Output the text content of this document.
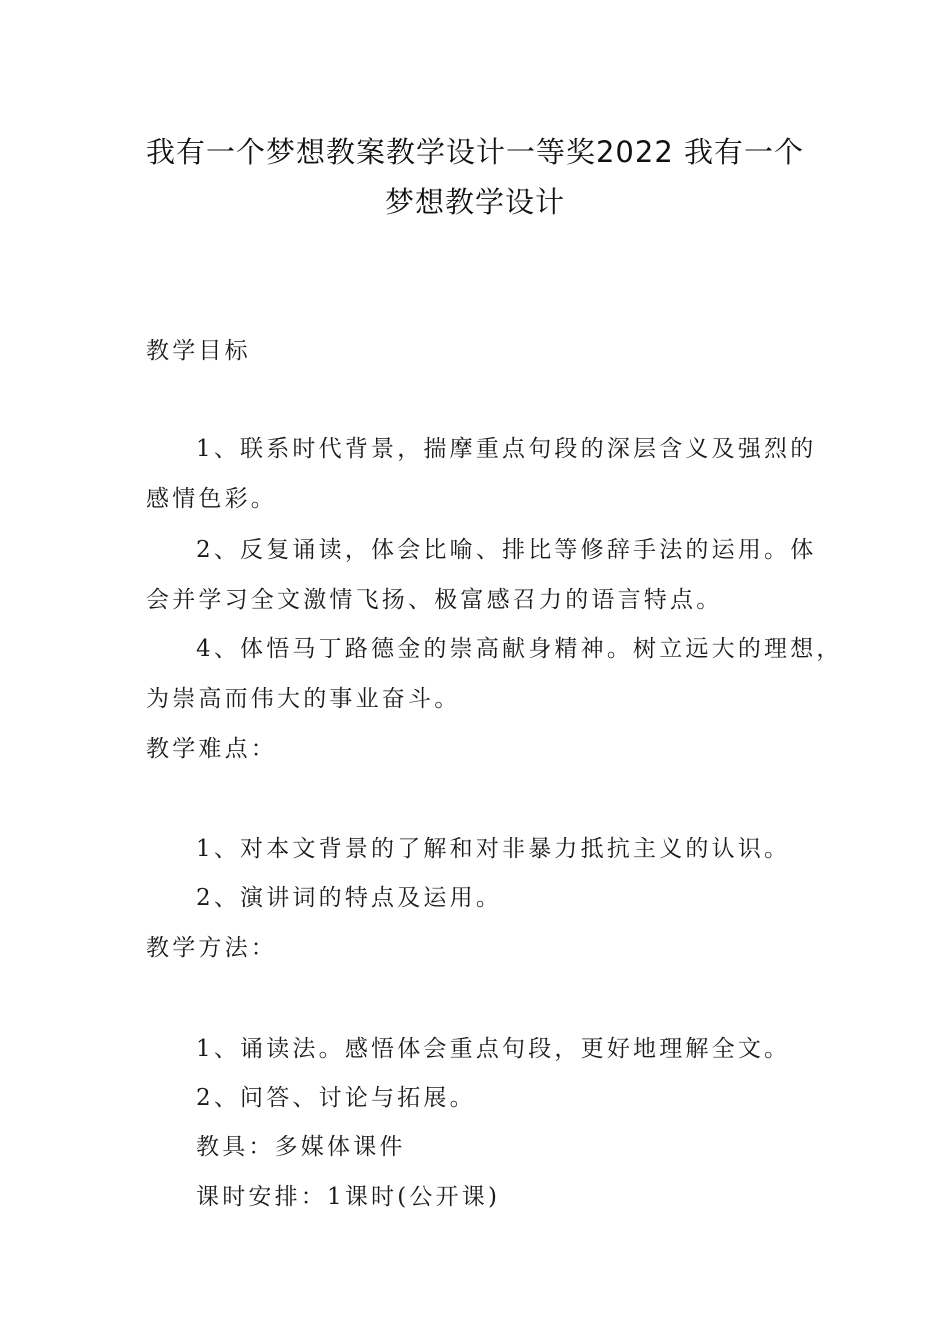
我有一个梦想教案教学设计一等奖2022 我有一个
梦想教学设计

教学目标

1、联系时代背景，揣摩重点句段的深层含义及强烈的

感情色彩。

2、反复诵读，体会比喻、排比等修辞手法的运用。体

会并学习全文激情飞扬、极富感召力的语言特点。

4、体悟马丁路德金的崇高献身精神。树立远大的理想，

为崇高而伟大的事业奋斗。

教学难点：

1、对本文背景的了解和对非暴力抵抗主义的认识。

2、演讲词的特点及运用。

教学方法：

1、诵读法。感悟体会重点句段，更好地理解全文。

2、问答、讨论与拓展。

教具：多媒体课件

课时安排：1课时(公开课)
